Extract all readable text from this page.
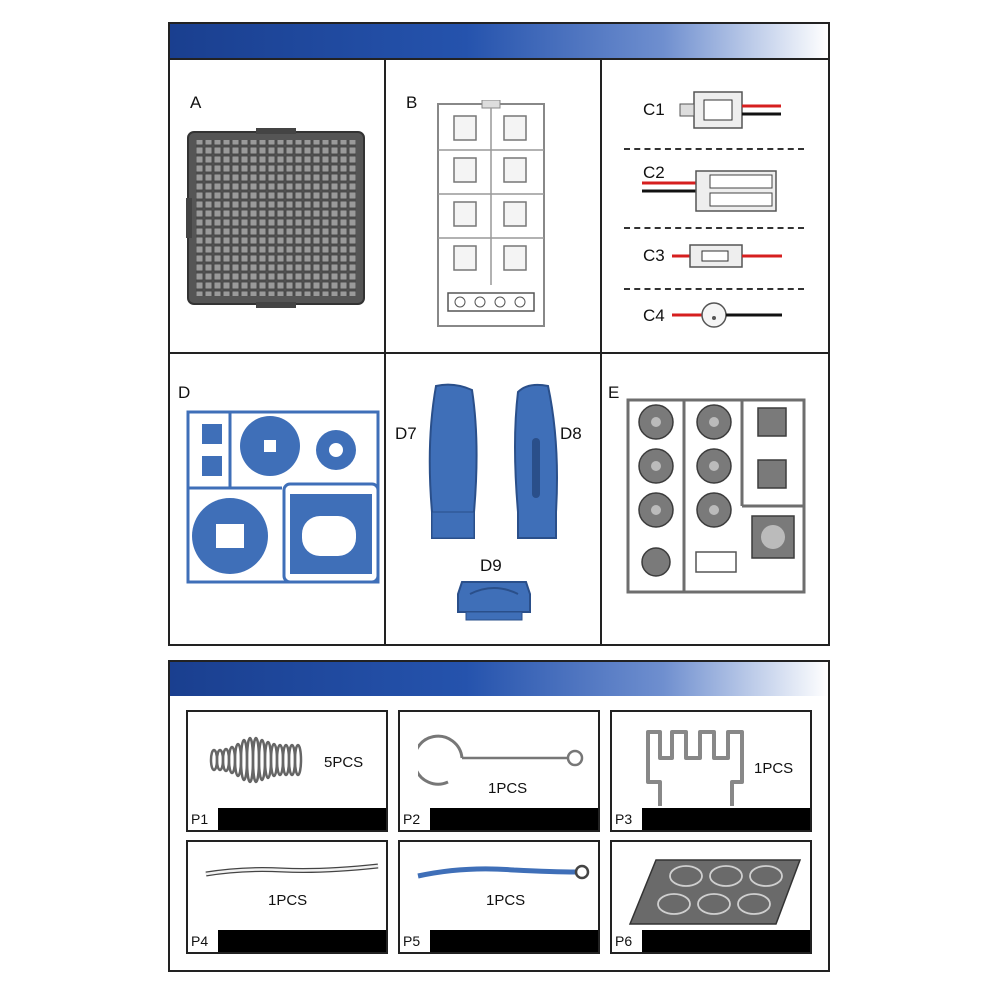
A	B	C1
C2
C3
C4
D
D7	D8
D9
E
5PCS
P1
1PCS
P2
1PCS
P3
1PCS
P4
1PCS
P5	P6
